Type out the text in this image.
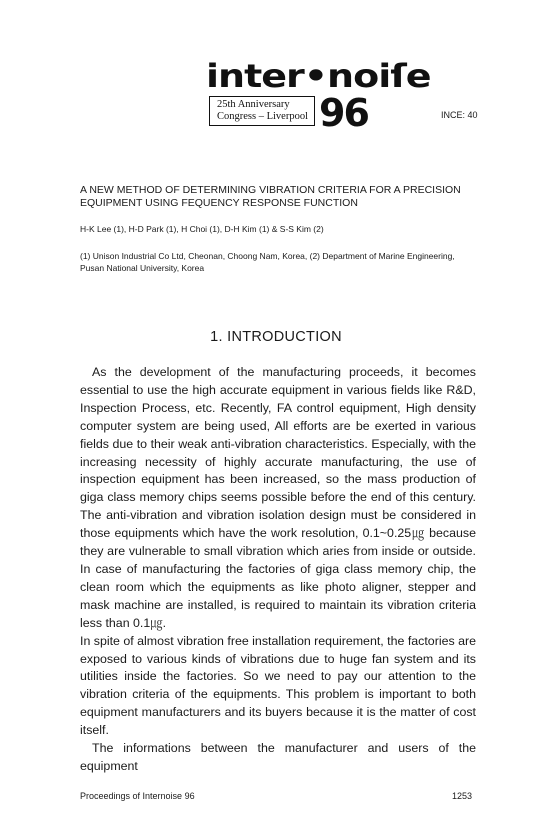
inter•noiſe
25th Anniversary
Congress – Liverpool 96	INCE: 40
A NEW METHOD OF DETERMINING VIBRATION CRITERIA FOR A PRECISION EQUIPMENT USING FEQUENCY RESPONSE FUNCTION
H-K Lee (1), H-D Park (1), H Choi (1), D-H Kim (1) & S-S Kim (2)
(1) Unison Industrial Co Ltd, Cheonan, Choong Nam, Korea, (2) Department of Marine Engineering, Pusan National University, Korea
1. INTRODUCTION

As the development of the manufacturing proceeds, it becomes essential to use the high accurate equipment in various fields like R&D, Inspection Process, etc. Recently, FA control equipment, High density computer system are being used, All efforts are be exerted in various fields due to their weak anti-vibration characteristics. Especially, with the increasing necessity of highly accurate manufacturing, the use of inspection equipment has been increased, so the mass production of giga class memory chips seems possible before the end of this century. The anti-vibration and vibration isolation design must be considered in those equipments which have the work resolution, 0.1~0.25㎍ because they are vulnerable to small vibration which aries from inside or outside. In case of manufacturing the factories of giga class memory chip, the clean room which the equipments as like photo aligner, stepper and mask machine are installed, is required to maintain its vibration criteria less than 0.1㎍.

In spite of almost vibration free installation requirement, the factories are exposed to various kinds of vibrations due to huge fan system and its utilities inside the factories. So we need to pay our attention to the vibration criteria of the equipments. This problem is important to both equipment manufacturers and its buyers because it is the matter of cost itself.

The informations between the manufacturer and users of the equipment

Proceedings of Internoise 96	1253
